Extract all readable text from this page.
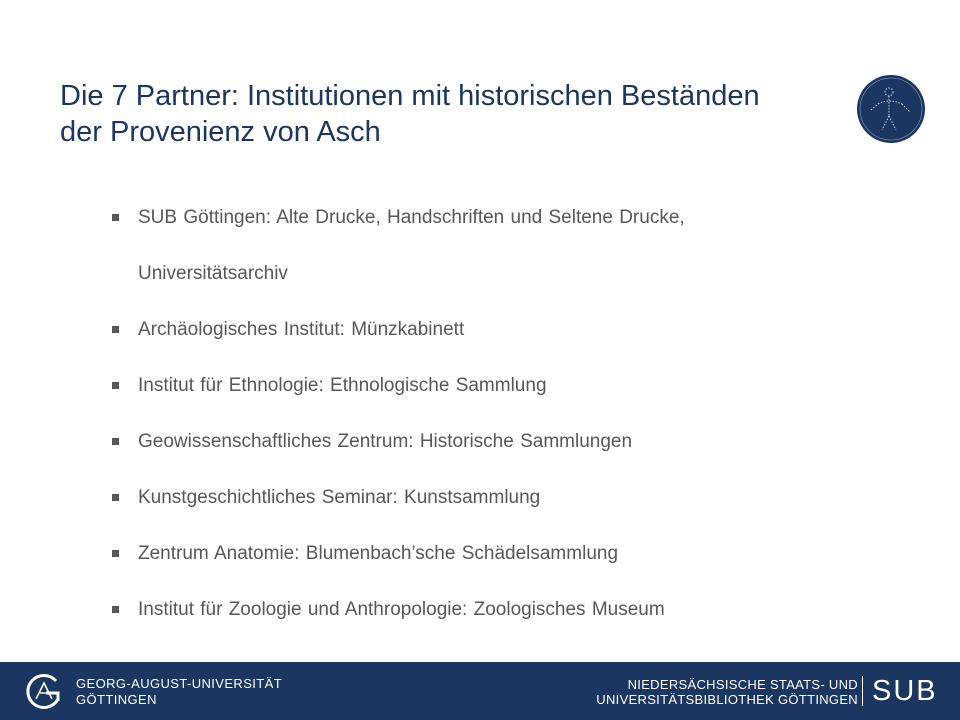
Die 7 Partner: Institutionen mit historischen Beständen
der Provenienz von Asch
SUB Göttingen: Alte Drucke, Handschriften und Seltene Drucke,
Universitätsarchiv
Archäologisches Institut: Münzkabinett
Institut für Ethnologie: Ethnologische Sammlung
Geowissenschaftliches Zentrum: Historische Sammlungen
Kunstgeschichtliches Seminar: Kunstsammlung
Zentrum Anatomie: Blumenbach’sche Schädelsammlung
Institut für Zoologie und Anthropologie: Zoologisches Museum
GEORG-AUGUST-UNIVERSITÄT
GÖTTINGEN
NIEDERSÄCHSISCHE STAATS- UND
UNIVERSITÄTSBIBLIOTHEK GÖTTINGEN SUB
